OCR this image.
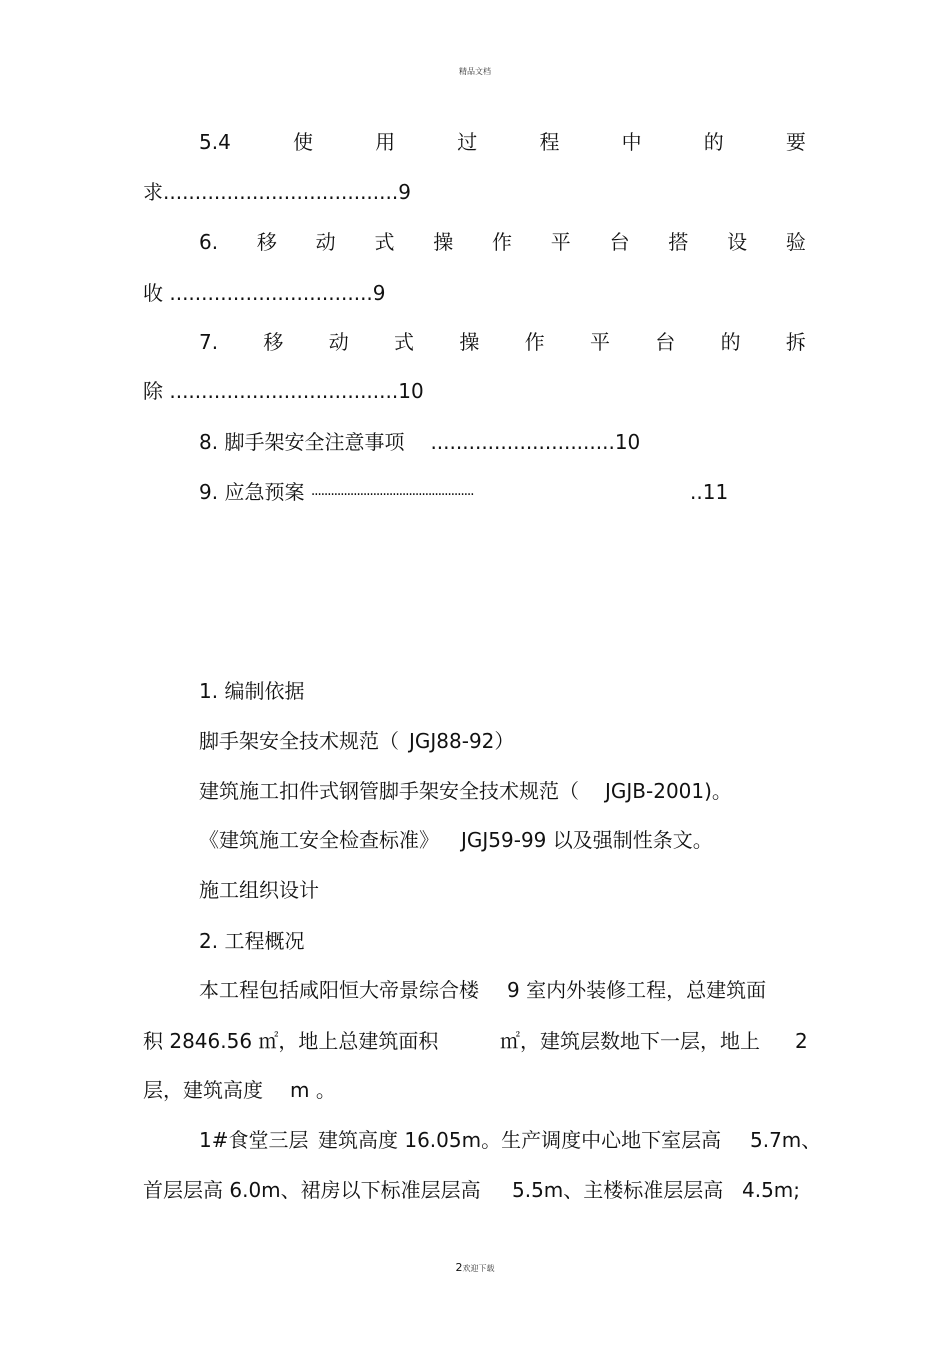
精品文档
5.4	使	用	过	程	中	的	要
求.....................................9
6. 移 动 式 操 作 平 台 搭 设 验
收 ................................9
7. 移 动 式 操 作 平 台 的 拆
除 ....................................10
8. 脚手架安全注意事项 .............................10
9. 应急预案 ··················································	..11
1. 编制依据
脚手架安全技术规范（ JGJ88-92）
建筑施工扣件式钢管脚手架安全技术规范（ JGJB-2001)。
《建筑施工安全检查标准》 JGJ59-99 以及强制性条文。
施工组织设计
2. 工程概况
本工程包括咸阳恒大帝景综合楼 9 室内外装修工程，总建筑面
积 2846.56 ㎡，地上总建筑面积	㎡，建筑层数地下一层，地上 2
层，建筑高度 m 。
1#食堂三层 建筑高度 16.05m。生产调度中心地下室层高 5.7m、
首层层高 6.0m、裙房以下标准层层高 5.5m、主楼标准层层高 4.5m;
2欢迎下载
